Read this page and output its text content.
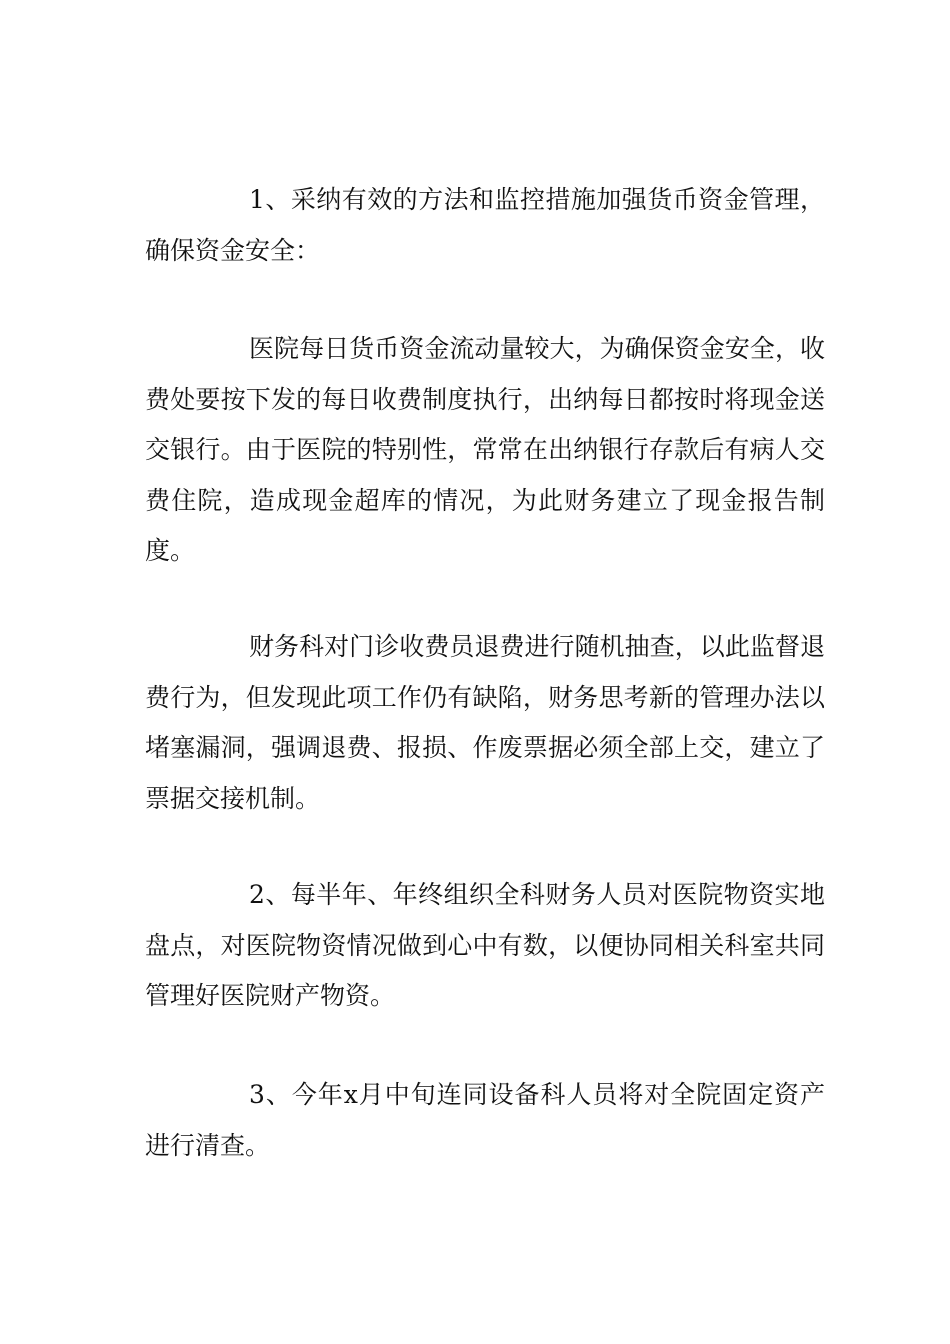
1、采纳有效的方法和监控措施加强货币资金管理，确保资金安全：

医院每日货币资金流动量较大，为确保资金安全，收费处要按下发的每日收费制度执行，出纳每日都按时将现金送交银行。由于医院的特别性，常常在出纳银行存款后有病人交费住院，造成现金超库的情况，为此财务建立了现金报告制度。

财务科对门诊收费员退费进行随机抽查，以此监督退费行为，但发现此项工作仍有缺陷，财务思考新的管理办法以堵塞漏洞，强调退费、报损、作废票据必须全部上交，建立了票据交接机制。

2、每半年、年终组织全科财务人员对医院物资实地盘点，对医院物资情况做到心中有数，以便协同相关科室共同管理好医院财产物资。

3、今年x月中旬连同设备科人员将对全院固定资产进行清查。
